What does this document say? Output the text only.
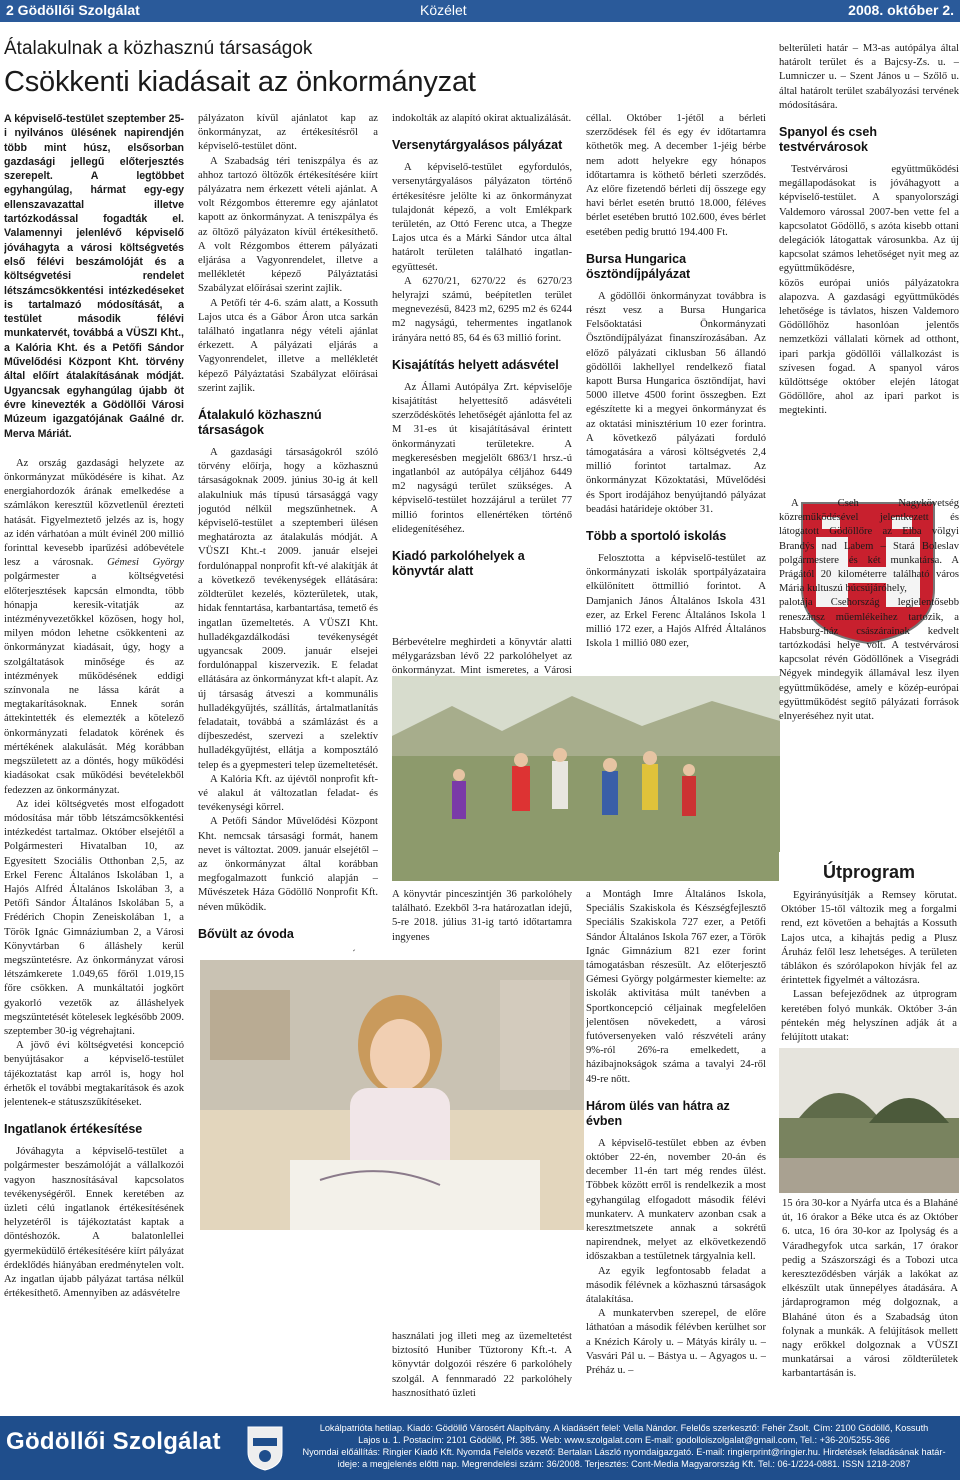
2 Gödöllői Szolgálat	Közélet	2008. október 2.
Átalakulnak a közhasznú társaságok
Csökkenti kiadásait az önkormányzat

A képviselő-testület szeptember 25-i nyilvános ülésének napirendjén több mint húsz, elsősorban gazdasági jellegű előterjesztés szerepelt. A legtöbbet egyhangúlag, hármat egy-egy ellenszavazattal illetve tartózkodással fogadták el. Valamennyi jelenlévő képviselő jóváhagyta a városi költségvetés első félévi beszámolóját és a költségvetési rendelet létszámcsökkentési intézkedéseket is tartalmazó módosítását, a testület második félévi munkatervét, továbbá a VÜSZI Kht., a Kalória Kht. és a Petőfi Sándor Művelődési Központ Kht. törvény által előírt átalakításának módját. Ugyancsak egyhangúlag újabb öt évre kinevezték a Gödöllői Városi Múzeum igazgatójának Gaálné dr. Merva Máriát.

Az ország gazdasági helyzete az önkormányzat működésére is kihat. Az energiahordozók árának emelkedése a számlákon keresztül közvetlenül érezteti hatását. Figyelmeztető jelzés az is, hogy az idén várhatóan a múlt évinél 200 millió forinttal kevesebb iparűzési adóbevétele lesz a városnak. Gémesi György polgármester a költségvetési előterjesztések kapcsán elmondta, több hónapja keresik-vitatják az intézményvezetőkkel közösen, hogy hol, milyen módon lehetne csökkenteni az önkormányzat kiadásait, úgy, hogy a szolgáltatások minősége és az intézmények működésének eddigi színvonala ne lássa kárát a megtakarításoknak. Ennek során áttekintették és elemezték a kötelező önkormányzati feladatok körének és mértékének alakulását. Még korábban megszületett az a döntés, hogy működési kiadásokat csak működési bevételekből fedezzen az önkormányzat.

Az idei költségvetés most elfogadott módosítása már több létszámcsökkentési intézkedést tartalmaz. Október elsejétől a Polgármesteri Hivatalban 10, az Egyesített Szociális Otthonban 2,5, az Erkel Ferenc Általános Iskolában 1, a Hajós Alfréd Általános Iskolában 3, a Petőfi Sándor Általános Iskolában 5, a Frédérich Chopin Zeneiskolában 1, a Török Ignác Gimnáziumban 2, a Városi Könyvtárban 6 álláshely kerül megszüntetésre. Az önkormányzat városi létszámkerete 1.049,65 főről 1.019,15 főre csökken. A munkáltatói jogkört gyakorló vezetők az álláshelyek megszüntetését kötelesek legkésőbb 2009. szeptember 30-ig végrehajtani.

A jövő évi költségvetési koncepció benyújtásakor a képviselő-testület tájékoztatást kap arról is, hogy hol érhetők el további megtakarítások és azok jelentenek-e státuszszűkítéseket.

Ingatlanok értékesítése

Jóváhagyta a képviselő-testület a polgármester beszámolóját a vállalkozói vagyon hasznosításával kapcsolatos tevékenységéről. Ennek keretében az üzleti célú ingatlanok értékesítésének helyzetéről is tájékoztatást kaptak a döntéshozók. A balatonlellei gyermeküdülő értékesítésére kiírt pályázat érdeklődés hiányában eredménytelen volt. Az ingatlan újabb pályázat tartása nélkül értékesíthető. Amennyiben az adásvételre

pályázaton kívül ajánlatot kap az önkormányzat, az értékesítésről a képviselő-testület dönt.

A Szabadság téri teniszpálya és az ahhoz tartozó öltözők értékesítésére kiírt pályázatra nem érkezett vételi ajánlat. A volt Rézgombos étteremre egy ajánlatot kapott az önkormányzat. A teniszpálya és az öltöző pályázaton kívül értékesíthető. A volt Rézgombos étterem pályázati eljárása a Vagyonrendelet, illetve a mellékletét képező Pályáztatási Szabályzat előírásai szerint zajlik.

A Petőfi tér 4-6. szám alatt, a Kossuth Lajos utca és a Gábor Áron utca sarkán található ingatlanra négy vételi ajánlat érkezett. A pályázati eljárás a Vagyonrendelet, illetve a mellékletét képező Pályáztatási Szabályzat előírásai szerint zajlik.

Átalakuló közhasznú társaságok

A gazdasági társaságokról szóló törvény előírja, hogy a közhasznú társaságoknak 2009. június 30-ig át kell alakulniuk más típusú társasággá vagy jogutód nélkül megszűnhetnek. A képviselő-testület a szeptemberi ülésen meghatározta az átalakulás módját. A VÜSZI Kht.-t 2009. január elsejei fordulónappal nonprofit kft-vé alakítják át a következő tevékenységek ellátására: zöldterület kezelés, közterületek, utak, hidak fenntartása, karbantartása, temető és ingatlan üzemeltetés. A VÜSZI Kht. hulladékgazdálkodási tevékenységét ugyancsak 2009. január elsejei fordulónappal kiszervezik. E feladat ellátására az önkormányzat kft-t alapít. Az új társaság átveszi a kommunális hulladékgyűjtés, szállítás, ártalmatlanítás feladatait, továbbá a számlázást és a díjbeszedést, szervezi a szelektív hulladékgyűjtést, ellátja a komposztáló telep és a gyepmesteri telep üzemeltetését.

A Kalória Kft. az újévtől nonprofit kft-vé alakul át változatlan feladat- és tevékenységi körrel.

A Petőfi Sándor Művelődési Központ Kht. nemcsak társasági formát, hanem nevet is változtat. 2009. január elsejétől – az önkormányzat által korábban megfogalmazott funkció alapján – Művészetek Háza Gödöllő Nonprofit Kft. néven működik.

Bővült az óvoda

indokolták az alapító okirat aktualizálását.

Versenytárgyalásos pályázat

A képviselő-testület egyfordulós, versenytárgyalásos pályázaton történő értékesítésre jelölte ki az önkormányzat tulajdonát képező, a volt Emlékpark területén, az Ottó Ferenc utca, a Thegze Lajos utca és a Márki Sándor utca által határolt területen található ingatlan-együttesét.

A 6270/21, 6270/22 és 6270/23 helyrajzi számú, beépítetlen terület megnevezésű, 8423 m2, 6295 m2 és 6244 m2 nagyságú, tehermentes ingatlanok irányára nettó 85, 64 és 63 millió forint.

Kisajátítás helyett adásvétel

Az Állami Autópálya Zrt. képviselője kisajátítást helyettesítő adásvételi szerződéskötés lehetőségét ajánlotta fel az M 31-es út kisajátításával érintett önkormányzati területekre. A megkeresésben megjelölt 6863/1 hrsz.-ú ingatlanból az autópálya céljához 6449 m2 nagyságú terület szükséges. A képviselő-testület hozzájárul a terület 77 millió forintos ellenértéken történő elidegenítéséhez.

Kiadó parkolóhelyek a könyvtár alatt

Bérbevételre meghirdeti a könyvtár alatti mélygarázsban lévő 22 parkolóhelyet az önkormányzat. Mint ismeretes, a Városi

A könyvtár pinceszintjén 36 parkolóhely található. Ezekből 3-ra határozatlan idejű, 5-re 2018. július 31-ig tartó időtartamra ingyenes

használati jog illeti meg az üzemeltetést biztosító Huniber Tűztorony Kft.-t. A könyvtár dolgozói részére 6 parkolóhely szolgál. A fennmaradó 22 parkolóhely hasznosítható üzleti

céllal. Október 1-jétől a bérleti szerződések fél és egy év időtartamra köthetők meg. A december 1-jéig bérbe nem adott helyekre egy hónapos időtartamra is köthető bérleti szerződés. Az előre fizetendő bérleti díj összege egy havi bérlet esetén bruttó 18.000, féléves bérlet esetében bruttó 102.600, éves bérlet esetében pedig bruttó 194.400 Ft.

Bursa Hungarica ösztöndíjpályázat

A gödöllői önkormányzat továbbra is részt vesz a Bursa Hungarica Felsőoktatási Önkormányzati Ösztöndíjpályázat finanszírozásában. Az előző pályázati ciklusban 56 állandó gödöllői lakhellyel rendelkező fiatal kapott Bursa Hungarica ösztöndíjat, havi 5000 illetve 4500 forint összegben. Ezt egészítette ki a megyei önkormányzat és az oktatási minisztérium 10 ezer forintra. A következő pályázati forduló támogatására a városi költségvetés 2,4 millió forintot tartalmaz. Az önkormányzat Közoktatási, Művelődési és Sport irodájához benyújtandó pályázat beadási határideje október 31.

Több a sportoló iskolás

Felosztotta a képviselő-testület az önkormányzati iskolák sportpályázataira elkülönített öttmillió forintot. A Damjanich János Általános Iskola 431 ezer, az Erkel Ferenc Általános Iskola 1 millió 172 ezer, a Hajós Alfréd Általános Iskola 1 millió 080 ezer,

a Montágh Imre Általános Iskola, Speciális Szakiskola és Készségfejlesztő Speciális Szakiskola 727 ezer, a Petőfi Sándor Általános Iskola 767 ezer, a Török Ignác Gimnázium 821 ezer forint támogatásban részesült. Az előterjesztő Gémesi György polgármester kiemelte: az iskolák aktivitása múlt tanévben a Sportkoncepció céljainak megfelelően jelentősen növekedett, a városi futóversenyeken való részvételi arány 9%-ról 26%-ra emelkedett, a házibajnokságok száma a tavalyi 24-ről 49-re nőtt.

Három ülés van hátra az évben

A képviselő-testület ebben az évben október 22-én, november 20-án és december 11-én tart még rendes ülést. Többek között erről is rendelkezik a most egyhangúlag elfogadott második félévi munkaterv. A munkaterv azonban csak a keresztmetszete annak a sokrétű napirendnek, melyet az elkövetkezendő időszakban a testületnek tárgyalnia kell.

Az egyik legfontosabb feladat a második félévnek a közhasznú társaságok átalakítása.

A munkatervben szerepel, de előre láthatóan a második félévben kerülhet sor a Knézich Károly u. – Mátyás király u. – Vasvári Pál u. – Bástya u. – Agyagos u. – Préház u. –

belterületi határ – M3-as autópálya által határolt terület és a Bajcsy-Zs. u. – Lumniczer u. – Szent János u – Szőlő u. által határolt terület szabályozási tervének módosítására.

Spanyol és cseh testvérvárosok

Testvérvárosi együttműködési megállapodásokat is jóváhagyott a képviselő-testület. A spanyolországi Valdemoro várossal 2007-ben vette fel a kapcsolatot Gödöllő, s azóta kisebb ottani delegációk látogattak városunkba. Az új kapcsolat számos lehetőséget nyit meg az együttműködésre,

közös európai uniós pályázatokra alapozva. A gazdasági együttműködés lehetősége is távlatos, hiszen Valdemoro Gödöllőhöz hasonlóan jelentős nemzetközi vállalati körnek ad otthont, ipari parkja gödöllői vállalkozást is szívesen fogad. A spanyol város küldöttsége október elején látogat Gödöllőre, ahol az ipari parkot is megtekinti.

A Cseh Nagykövetség közreműködésével jelentkezett és látogatott Gödöllőre az Elba völgyi Brandýs nad Labem – Stará Boleslav polgármestere és két munkatársa. A Prágától 20 kilométerre található város Mária kultuszú búcsújáróhely,

palotája Csehország legjelentősebb reneszánsz műemlékeihez tartozik, a Habsburg-ház császárainak kedvelt tartózkodási helye volt. A testvérvárosi kapcsolat révén Gödöllőnek a Visegrádi Négyek mindegyik államával lesz ilyen együttműködése, amely e közép-európai együttműködést segítő pályázati források elnyeréséhez nyit utat.

Útprogram

Egyirányúsítják a Remsey körutat. Október 15-től változik meg a forgalmi rend, ezt követően a behajtás a Kossuth Lajos utca, a kihajtás pedig a Plusz Áruház felől lesz lehetséges. A területen táblákon és szórólapokon hívják fel az érintettek figyelmét a változásra.

Lassan befejeződnek az útprogram keretében folyó munkák. Október 3-án péntekén még helyszínen adják át a felújított utakat:

15 óra 30-kor a Nyárfa utca és a Blaháné út, 16 órakor a Béke utca és az Október 6. utca, 16 óra 30-kor az Ipolyság és a Váradhegyfok utca sarkán, 17 órakor pedig a Szászországi és a Tobozi utca kereszteződésben várják a lakókat az elkészült utak ünnepélyes átadására. A járdaprogramon még dolgoznak, a Blaháné úton és a Szabadság úton folynak a munkák. A felújítások mellett nagy erőkkel dolgoznak a VÜSZI munkatársai a városi zöldterületek karbantartásán is.
Gödöllői Szolgálat	Lokálpatrióta hetilap. Kiadó: Gödöllő Városért Alapítvány. A kiadásért felel: Vella Nándor. Felelős szerkesztő: Fehér Zsolt. Cím: 2100 Gödöllő, Kossuth
Lajos u. 1. Postacím: 2101 Gödöllő, Pf. 385. Web: www.szolgalat.com E-mail: godolloiszolgalat@gmail.com, Tel.: +36-20/5255-366
Nyomdai előállítás: Ringier Kiadó Kft. Nyomda Felelős vezető: Bertalan László nyomdaigazgató. E-mail: ringierprint@ringier.hu. Hirdetések feladásának határ-
ideje: a megjelenés előtti nap. Megrendelési szám: 36/2008. Terjesztés: Cont-Media Magyarország Kft. Tel.: 06-1/224-0881. ISSN 1218-2087
